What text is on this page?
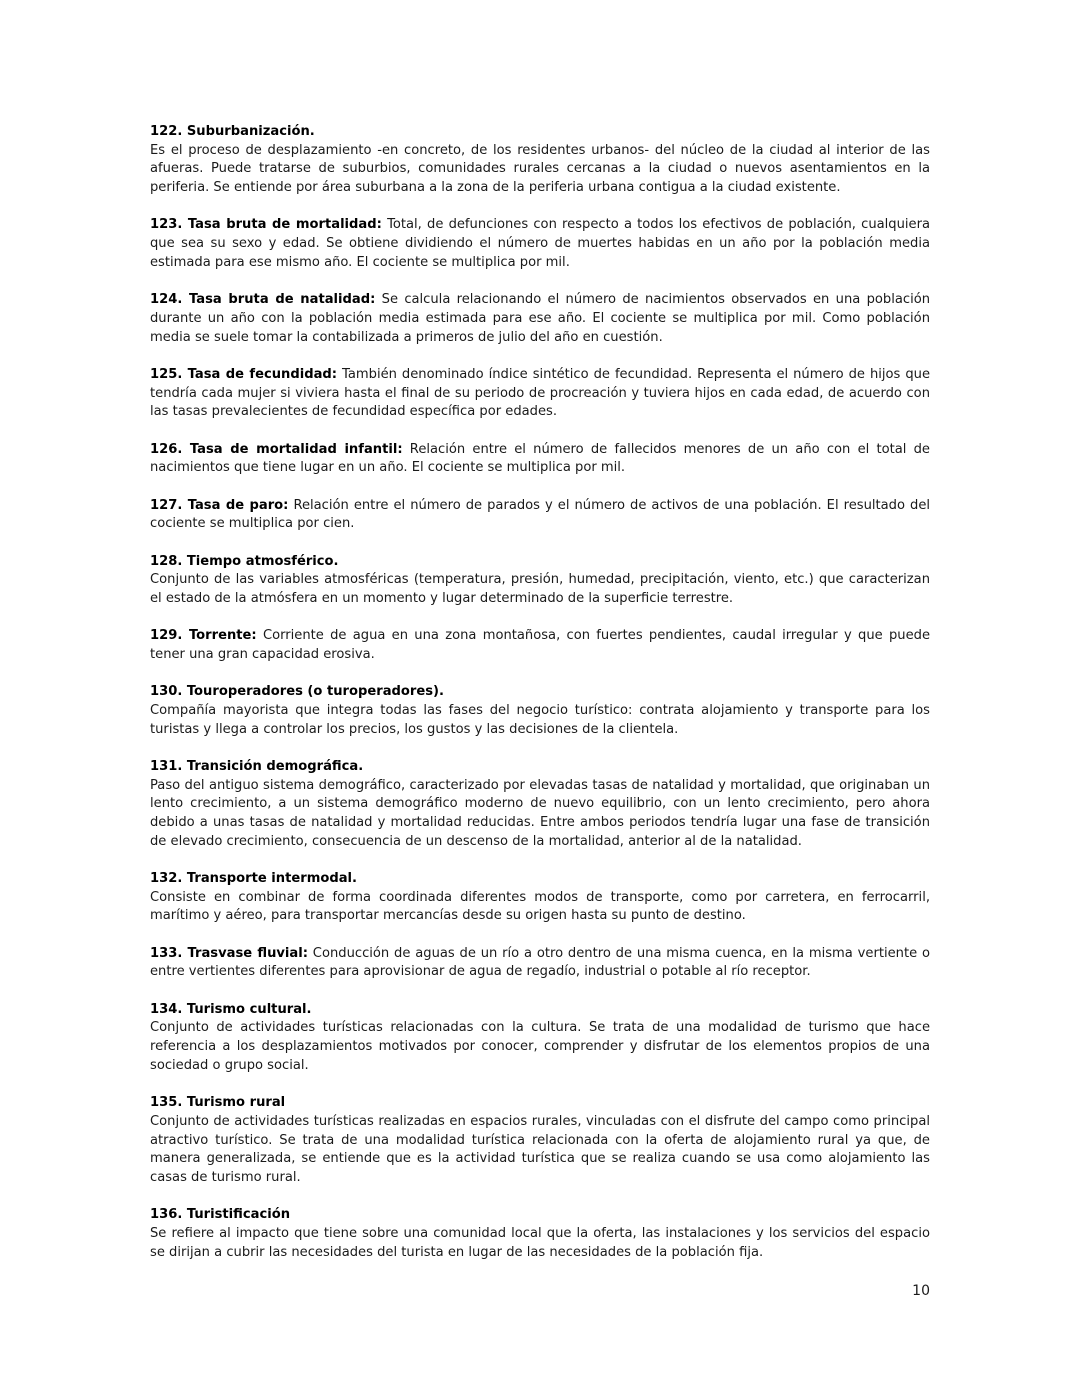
122. Suburbanización.
Es el proceso de desplazamiento -en concreto, de los residentes urbanos- del núcleo de la ciudad al interior de las afueras. Puede tratarse de suburbios, comunidades rurales cercanas a la ciudad o nuevos asentamientos en la periferia. Se entiende por área suburbana a la zona de la periferia urbana contigua a la ciudad existente.

123. Tasa bruta de mortalidad: Total, de defunciones con respecto a todos los efectivos de población, cualquiera que sea su sexo y edad. Se obtiene dividiendo el número de muertes habidas en un año por la población media estimada para ese mismo año. El cociente se multiplica por mil.

124. Tasa bruta de natalidad: Se calcula relacionando el número de nacimientos observados en una población durante un año con la población media estimada para ese año. El cociente se multiplica por mil. Como población media se suele tomar la contabilizada a primeros de julio del año en cuestión.

125. Tasa de fecundidad: También denominado índice sintético de fecundidad. Representa el número de hijos que tendría cada mujer si viviera hasta el final de su periodo de procreación y tuviera hijos en cada edad, de acuerdo con las tasas prevalecientes de fecundidad específica por edades.

126. Tasa de mortalidad infantil: Relación entre el número de fallecidos menores de un año con el total de nacimientos que tiene lugar en un año. El cociente se multiplica por mil.

127. Tasa de paro: Relación entre el número de parados y el número de activos de una población. El resultado del cociente se multiplica por cien.

128. Tiempo atmosférico.
Conjunto de las variables atmosféricas (temperatura, presión, humedad, precipitación, viento, etc.) que caracterizan el estado de la atmósfera en un momento y lugar determinado de la superficie terrestre.

129. Torrente: Corriente de agua en una zona montañosa, con fuertes pendientes, caudal irregular y que puede tener una gran capacidad erosiva.

130. Touroperadores (o turoperadores).
Compañía mayorista que integra todas las fases del negocio turístico: contrata alojamiento y transporte para los turistas y llega a controlar los precios, los gustos y las decisiones de la clientela.

131. Transición demográfica.
Paso del antiguo sistema demográfico, caracterizado por elevadas tasas de natalidad y mortalidad, que originaban un lento crecimiento, a un sistema demográfico moderno de nuevo equilibrio, con un lento crecimiento, pero ahora debido a unas tasas de natalidad y mortalidad reducidas. Entre ambos periodos tendría lugar una fase de transición de elevado crecimiento, consecuencia de un descenso de la mortalidad, anterior al de la natalidad.

132. Transporte intermodal.
Consiste en combinar de forma coordinada diferentes modos de transporte, como por carretera, en ferrocarril, marítimo y aéreo, para transportar mercancías desde su origen hasta su punto de destino.

133. Trasvase fluvial: Conducción de aguas de un río a otro dentro de una misma cuenca, en la misma vertiente o entre vertientes diferentes para aprovisionar de agua de regadío, industrial o potable al río receptor.

134. Turismo cultural.
Conjunto de actividades turísticas relacionadas con la cultura. Se trata de una modalidad de turismo que hace referencia a los desplazamientos motivados por conocer, comprender y disfrutar de los elementos propios de una sociedad o grupo social.

135. Turismo rural
Conjunto de actividades turísticas realizadas en espacios rurales, vinculadas con el disfrute del campo como principal atractivo turístico. Se trata de una modalidad turística relacionada con la oferta de alojamiento rural ya que, de manera generalizada, se entiende que es la actividad turística que se realiza cuando se usa como alojamiento las casas de turismo rural.

136. Turistificación
Se refiere al impacto que tiene sobre una comunidad local que la oferta, las instalaciones y los servicios del espacio se dirijan a cubrir las necesidades del turista en lugar de las necesidades de la población fija.

10
